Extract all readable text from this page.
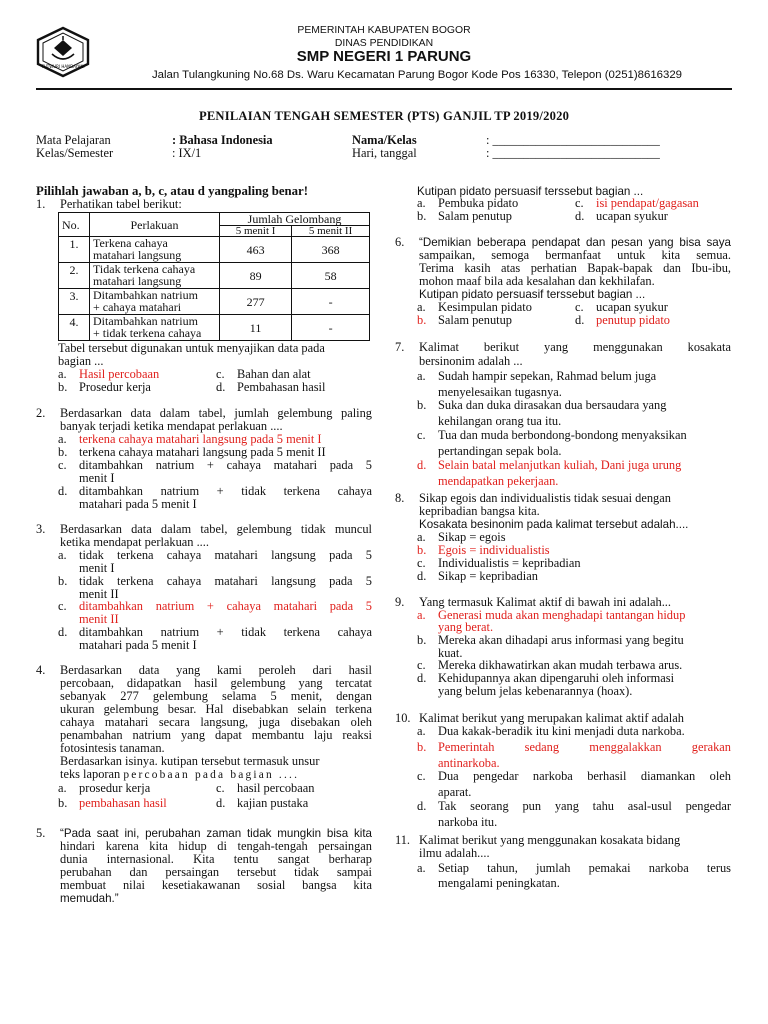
TUTWURI HANDAYANI
PEMERINTAH KABUPATEN BOGOR
DINAS PENDIDIKAN
SMP NEGERI 1 PARUNG
Jalan Tulangkuning No.68 Ds. Waru Kecamatan Parung Bogor Kode Pos 16330, Telepon (0251)8616329
PENILAIAN TENGAH SEMESTER (PTS) GANJIL TP 2019/2020
Mata Pelajaran	: Bahasa Indonesia
Kelas/Semester	: IX/1
Nama/Kelas	: ___________________________
Hari, tanggal	: ___________________________
Pilihlah jawaban a, b, c, atau d yangpaling benar!
1. Perhatikan tabel berikut:
No.	Perlakuan	Jumlah Gelombang	
		5 menit I	5 menit II
1.	Terkena cahaya
matahari langsung	463	368
2.	Tidak terkena cahaya
matahari langsung	89	58
3.	Ditambahkan natrium
+ cahaya matahari	277	-
4.	Ditambahkan natrium
+ tidak terkena cahaya	11	-
Tabel tersebut digunakan untuk menyajikan data pada
bagian ...
a. Hasil percobaan	c. Bahan dan alat
b. Prosedur kerja	d. Pembahasan hasil
2. Berdasarkan data dalam tabel, jumlah gelembung paling
banyak terjadi ketika mendapat perlakuan ....
a. terkena cahaya matahari langsung pada 5 menit I
b. terkena cahaya matahari langsung pada 5 menit II
c. ditambahkan natrium + cahaya matahari pada 5
menit I
d. ditambahkan natrium + tidak terkena cahaya
matahari pada 5 menit I
3. Berdasarkan data dalam tabel, gelembung tidak muncul
ketika mendapat perlakuan ....
a. tidak terkena cahaya matahari langsung pada 5
menit I
b. tidak terkena cahaya matahari langsung pada 5
menit II
c. ditambahkan natrium + cahaya matahari pada 5
menit II
d. ditambahkan natrium + tidak terkena cahaya
matahari pada 5 menit I
4. Berdasarkan data yang kami peroleh dari hasil
percobaan, didapatkan hasil gelembung yang tercatat
sebanyak 277 gelembung selama 5 menit, dengan
ukuran gelembung besar. Hal disebabkan selain terkena
cahaya matahari secara langsung, juga disebakan oleh
penambahan natrium yang dapat membantu laju reaksi
fotosintesis tanaman.
Berdasarkan isinya. kutipan tersebut termasuk unsur
teks laporan percobaan pada bagian ....
a. prosedur kerja	c. hasil percobaan
b. pembahasan hasil	d. kajian pustaka
5. “Pada saat ini, perubahan zaman tidak mungkin bisa kita
hindari karena kita hidup di tengah-tengah persaingan
dunia internasional. Kita tentu sangat berharap
perubahan dan persaingan tersebut tidak sampai
membuat nilai kesetiakawanan sosial bangsa kita
memudah.”
Kutipan pidato persuasif terssebut bagian ...
a. Pembuka pidato	c. isi pendapat/gagasan
b. Salam penutup	d. ucapan syukur
6. “Demikian beberapa pendapat dan pesan yang bisa saya
sampaikan, semoga bermanfaat untuk kita semua.
Terima kasih atas perhatian Bapak-bapak dan Ibu-ibu,
mohon maaf bila ada kesalahan dan kekhilafan.
Kutipan pidato persuasif terssebut bagian ...
a. Kesimpulan pidato	c. ucapan syukur
b. Salam penutup	d. penutup pidato
7. Kalimat berikut yang menggunakan kosakata
bersinonim adalah ...
a. Sudah hampir sepekan, Rahmad belum juga
menyelesaikan tugasnya.
b. Suka dan duka dirasakan dua bersaudara yang
kehilangan orang tua itu.
c. Tua dan muda berbondong-bondong menyaksikan
pertandingan sepak bola.
d. Selain batal melanjutkan kuliah, Dani juga urung
mendapatkan pekerjaan.
8. Sikap egois dan individualistis tidak sesuai dengan
kepribadian bangsa kita.
Kosakata besinonim pada kalimat tersebut adalah....
a. Sikap = egois
b. Egois = individualistis
c. Individualistis = kepribadian
d. Sikap = kepribadian
9. Yang termasuk Kalimat aktif di bawah ini adalah...
a. Generasi muda akan menghadapi tantangan hidup
yang berat.
b. Mereka akan dihadapi arus informasi yang begitu
kuat.
c. Mereka dikhawatirkan akan mudah terbawa arus.
d. Kehidupannya akan dipengaruhi oleh informasi
yang belum jelas kebenarannya (hoax).
10. Kalimat berikut yang merupakan kalimat aktif adalah
a. Dua kakak-beradik itu kini menjadi duta narkoba.
b. Pemerintah sedang menggalakkan gerakan
antinarkoba.
c. Dua pengedar narkoba berhasil diamankan oleh
aparat.
d. Tak seorang pun yang tahu asal-usul pengedar
narkoba itu.
11. Kalimat berikut yang menggunakan kosakata bidang
ilmu adalah....
a. Setiap tahun, jumlah pemakai narkoba terus
mengalami peningkatan.
